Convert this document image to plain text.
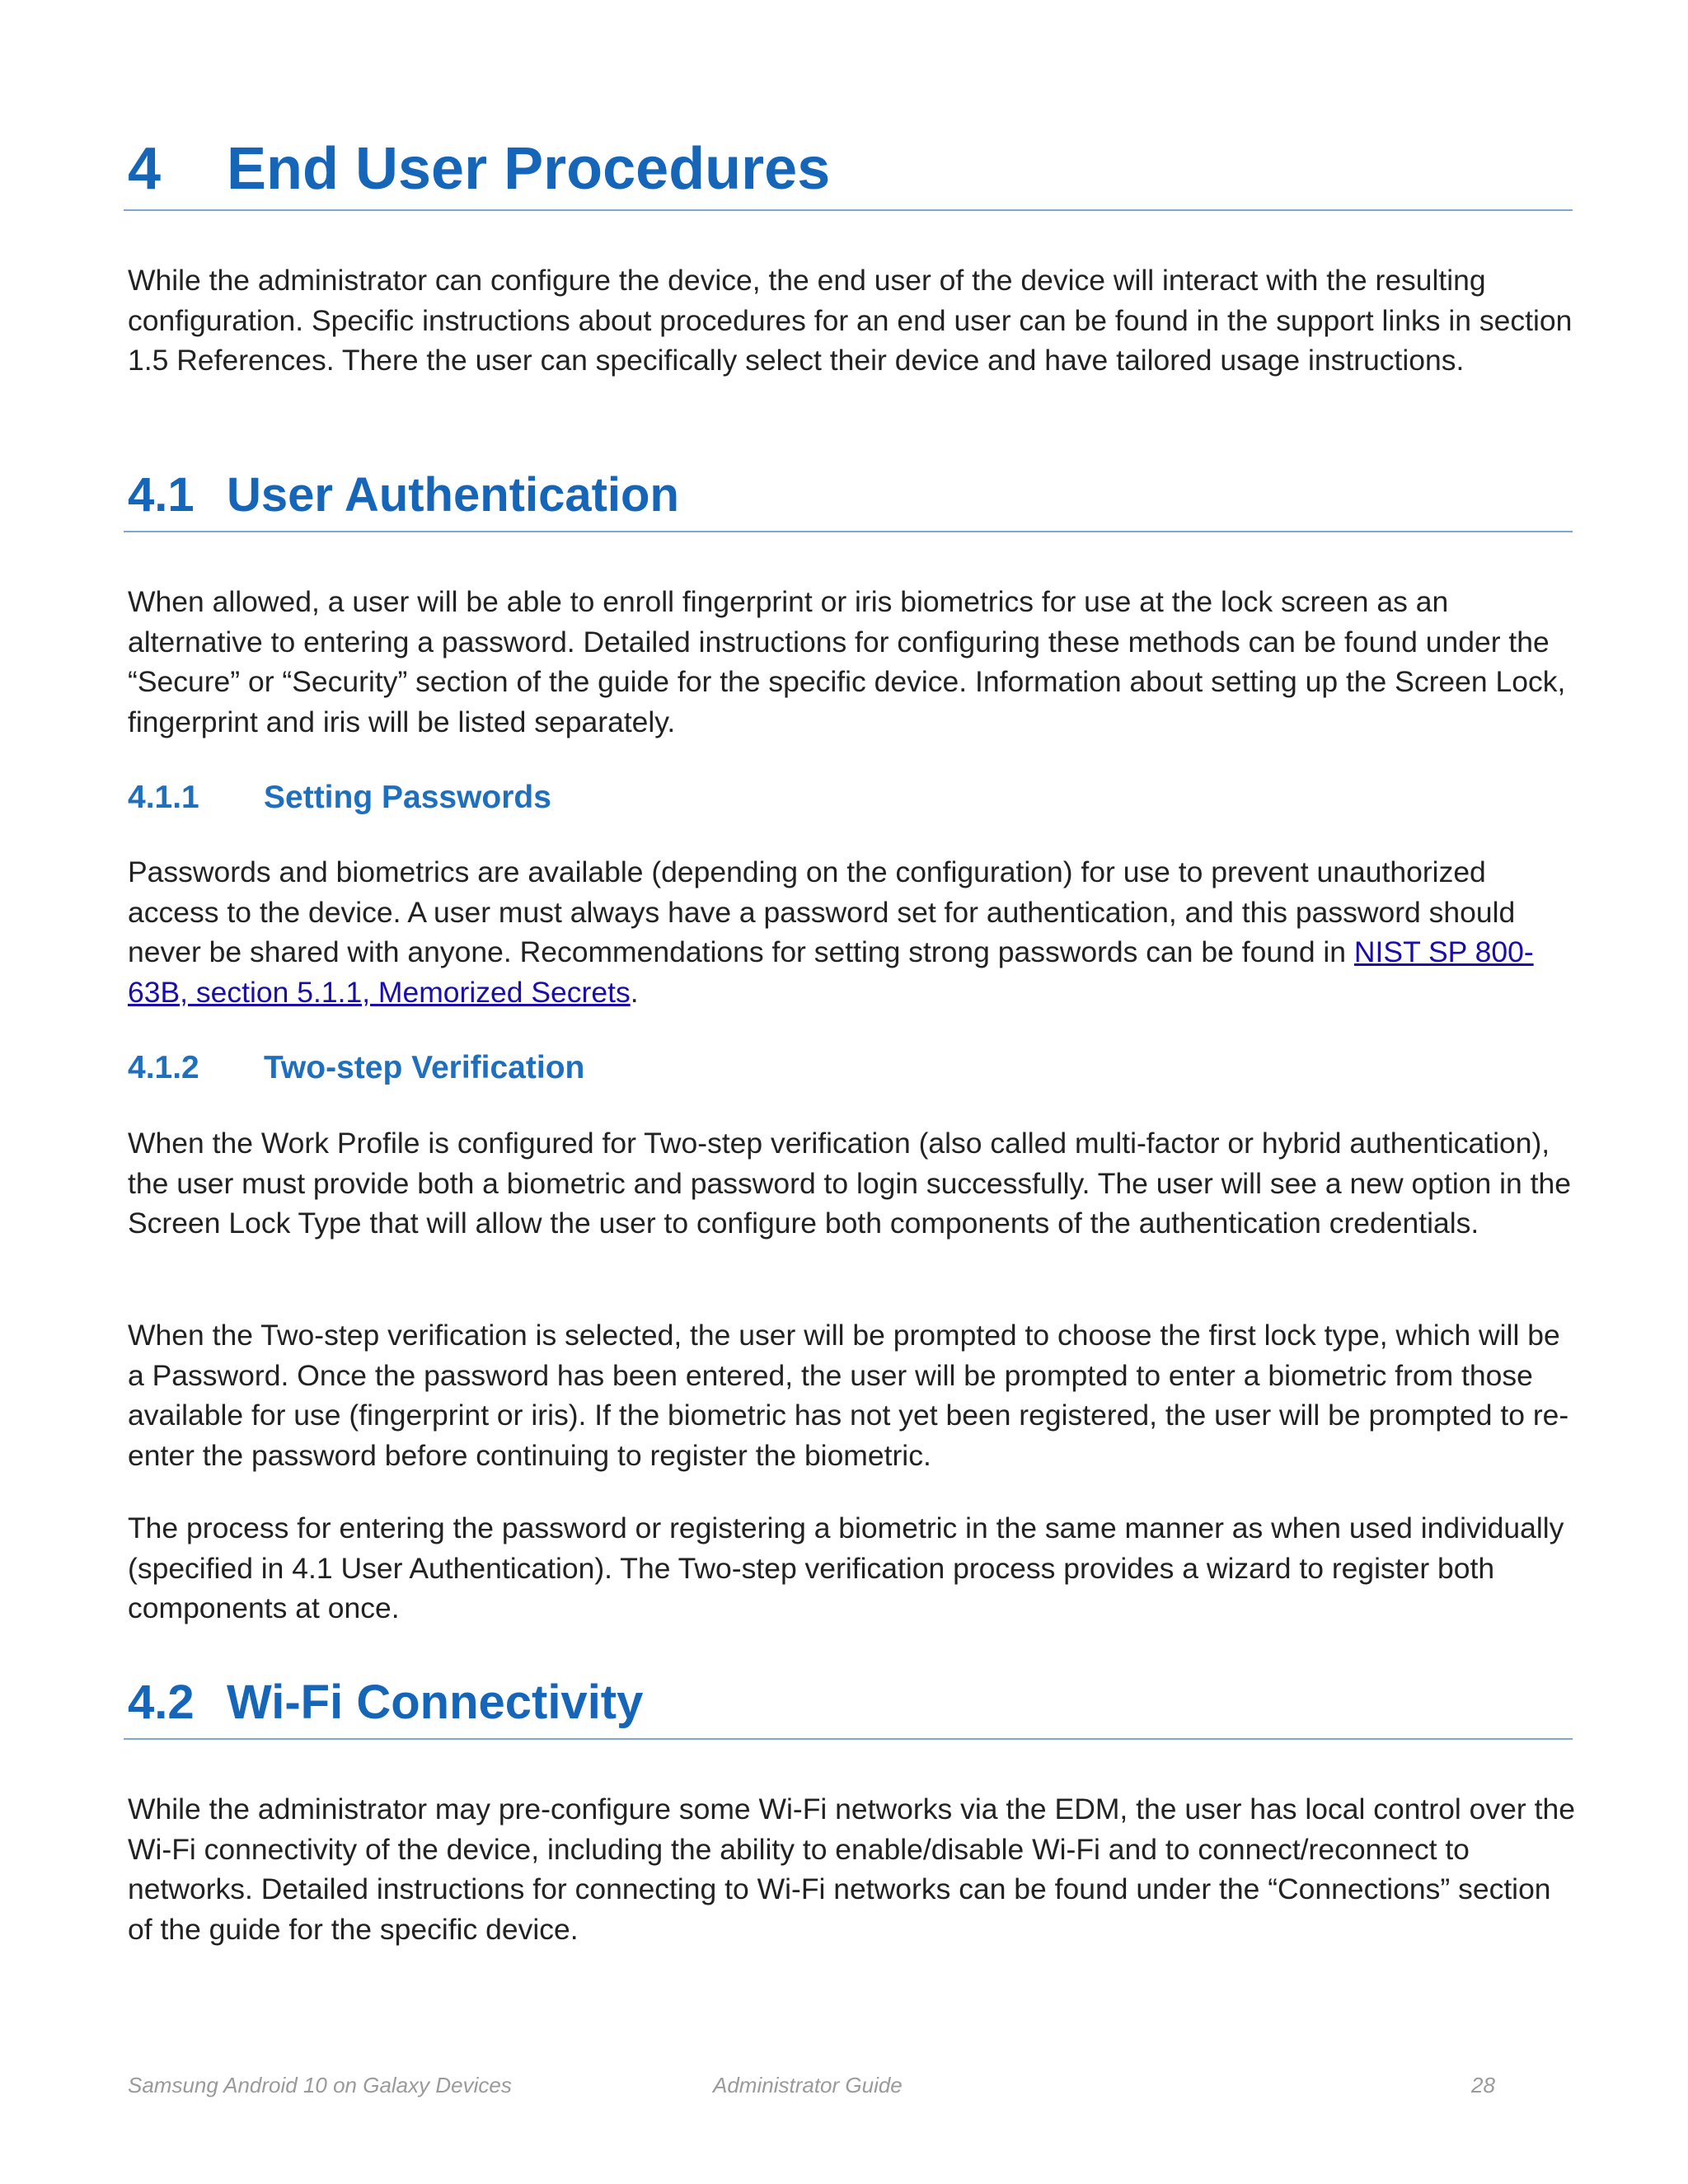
4 End User Procedures
While the administrator can configure the device, the end user of the device will interact with the resulting configuration. Specific instructions about procedures for an end user can be found in the support links in section 1.5 References. There the user can specifically select their device and have tailored usage instructions.
4.1 User Authentication
When allowed, a user will be able to enroll fingerprint or iris biometrics for use at the lock screen as an alternative to entering a password. Detailed instructions for configuring these methods can be found under the “Secure” or “Security” section of the guide for the specific device. Information about setting up the Screen Lock, fingerprint and iris will be listed separately.
4.1.1 Setting Passwords
Passwords and biometrics are available (depending on the configuration) for use to prevent unauthorized access to the device. A user must always have a password set for authentication, and this password should never be shared with anyone. Recommendations for setting strong passwords can be found in NIST SP 800-63B, section 5.1.1, Memorized Secrets.
4.1.2 Two-step Verification
When the Work Profile is configured for Two-step verification (also called multi-factor or hybrid authentication), the user must provide both a biometric and password to login successfully. The user will see a new option in the Screen Lock Type that will allow the user to configure both components of the authentication credentials.
When the Two-step verification is selected, the user will be prompted to choose the first lock type, which will be a Password. Once the password has been entered, the user will be prompted to enter a biometric from those available for use (fingerprint or iris). If the biometric has not yet been registered, the user will be prompted to re-enter the password before continuing to register the biometric.
The process for entering the password or registering a biometric in the same manner as when used individually (specified in 4.1 User Authentication). The Two-step verification process provides a wizard to register both components at once.
4.2 Wi-Fi Connectivity
While the administrator may pre-configure some Wi-Fi networks via the EDM, the user has local control over the Wi-Fi connectivity of the device, including the ability to enable/disable Wi-Fi and to connect/reconnect to networks. Detailed instructions for connecting to Wi-Fi networks can be found under the “Connections” section of the guide for the specific device.
Samsung Android 10 on Galaxy Devices	Administrator Guide	28
